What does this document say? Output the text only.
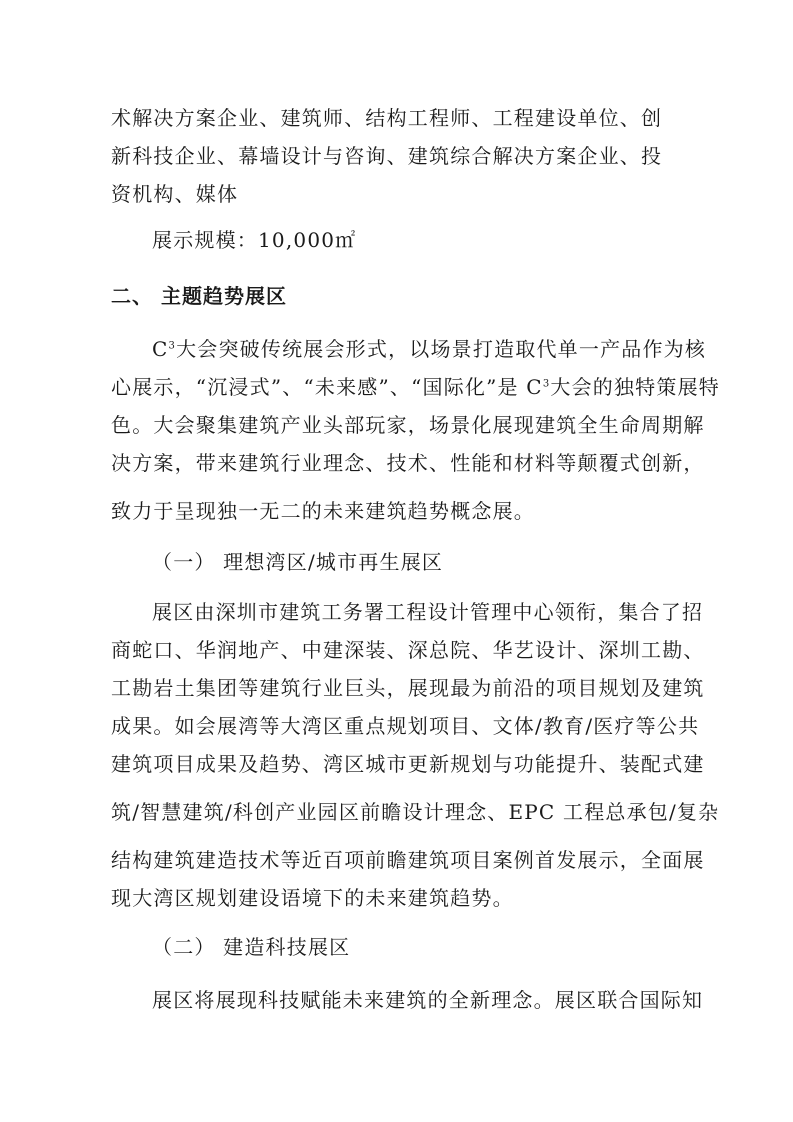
术解决方案企业、建筑师、结构工程师、工程建设单位、创
新科技企业、幕墙设计与咨询、建筑综合解决方案企业、投
资机构、媒体
展示规模：10,000㎡
二、 主题趋势展区
$C^3$大会突破传统展会形式，以场景打造取代单一产品作为核
心展示，“沉浸式”、“未来感”、“国际化”是 $C^3$大会的独特策展特
色。大会聚集建筑产业头部玩家，场景化展现建筑全生命周期解
决方案，带来建筑行业理念、技术、性能和材料等颠覆式创新，
致力于呈现独一无二的未来建筑趋势概念展。
（一） 理想湾区/城市再生展区
展区由深圳市建筑工务署工程设计管理中心领衔，集合了招
商蛇口、华润地产、中建深装、深总院、华艺设计、深圳工勘、
工勘岩土集团等建筑行业巨头，展现最为前沿的项目规划及建筑
成果。如会展湾等大湾区重点规划项目、文体/教育/医疗等公共
建筑项目成果及趋势、湾区城市更新规划与功能提升、装配式建
筑/智慧建筑/科创产业园区前瞻设计理念、EPC 工程总承包/复杂
结构建筑建造技术等近百项前瞻建筑项目案例首发展示，全面展
现大湾区规划建设语境下的未来建筑趋势。
（二） 建造科技展区
展区将展现科技赋能未来建筑的全新理念。展区联合国际知
